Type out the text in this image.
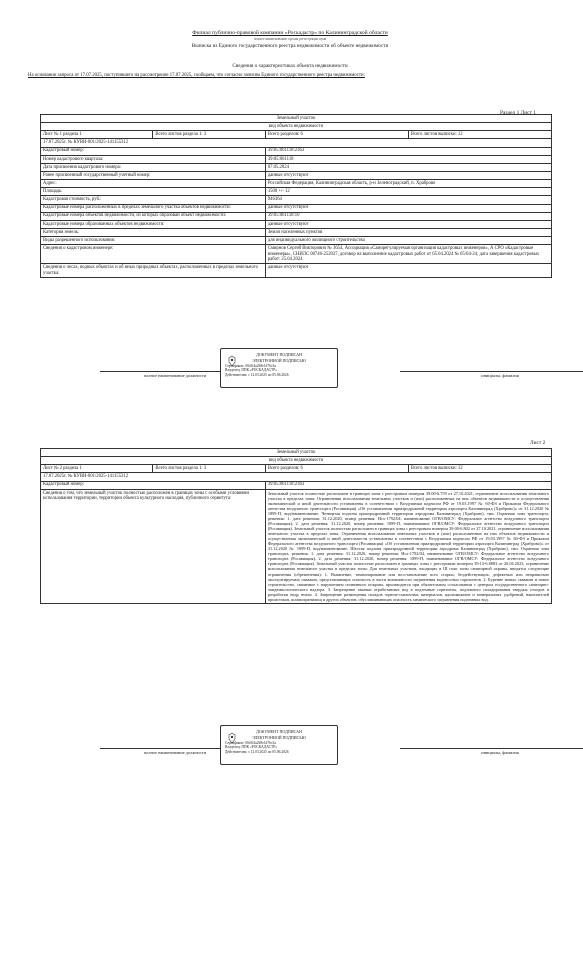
Филиал публично-правовой компании «Роскадастр» по Калининградской области
полное наименование органа регистрации прав
Выписка из Единого государственного реестра недвижимости об объекте недвижимости
Сведения о характеристиках объекта недвижимости
На основании запроса от 17.07.2025, поступившего на рассмотрение 17.07.2025, сообщаем, что согласно записям Единого государственного реестра недвижимости:
Раздел 1 Лист 1
Земельный участок			
вид объекта недвижимости			
Лист № 1 раздела 1	Всего листов раздела 1: 3	Всего разделов: 6	Всего листов выписки: 12
17.07.2025г. № КУВИ-001/2025-141155312			
Кадастровый номер:		39:05:061118:2363	
Номер кадастрового квартала:		39:05:061118	
Дата присвоения кадастрового номера:		07.05.2024	
Ранее присвоенный государственный учетный номер:		данные отсутствуют	
Адрес:		Российская Федерация, Калининградская область, р-н Зеленоградский, п. Храброво	
Площадь:		1500 +/- 12	
Кадастровая стоимость, руб.:		946364	
Кадастровые номера расположенных в пределах земельного участка объектов недвижимости:		данные отсутствуют	
Кадастровые номера объектов недвижимости, из которых образован объект недвижимости:		39:05:061118:10	
Кадастровые номера образованных объектов недвижимости:		данные отсутствуют	
Категория земель:		Земли населенных пунктов	
Виды разрешенного использования:		для индивидуального жилищного строительства	
Сведения о кадастровом инженере:		Смирнов Сергей Викторович № 3654, Ассоциация «Саморегулируемая организация кадастровых инженеров», А СРО «Кадастровые инженеры», СНИЛС 00746-252037, договор на выполнение кадастровых работ от 05.04.2024 № 05/04-24, дата завершения кадастровых работ: 25.04.2024	
Сведения о лесах, водных объектах и об иных природных объектах, расположенных в пределах земельного участка:		данные отсутствуют	
полное наименование должности
ДОКУМЕНТ ПОДПИСАН
ЭЛЕКТРОННОЙ ПОДПИСЬЮ
Сертификат: 00c0f4a2b9e1d76c3a
Владелец: ППК «РОСКАДАСТР»
Действителен: с 12.03.2025 по 05.06.2026	инициалы, фамилия
Лист 2
Земельный участок			
вид объекта недвижимости			
Лист № 2 раздела 1	Всего листов раздела 1: 3	Всего разделов: 6	Всего листов выписки: 12
17.07.2025г. № КУВИ-001/2025-141155312			
Кадастровый номер:		39:05:061118:2363	
Сведения о том, что земельный участок полностью расположен в границах зоны с особыми условиями использования территории, территории объекта культурного наследия, публичного сервитута:		Земельный участок полностью расположен в границах зоны с реестровым номером 39:00-6.759 от 27.10.2021, ограничение использования земельного участка в пределах зоны: Ограничения использования земельных участков и (или) расположенных на них объектов недвижимости и осуществления экономической и иной деятельности установлены в соответствии с Воздушным кодексом РФ от 19.03.1997 № 60-ФЗ и Приказом Федерального агентства воздушного транспорта (Росавиация) «Об установлении приаэродромной территории аэропорта Калининград (Храброво)» от 31.12.2020 № 1899-П, вид/наименование: Четвертая подзона приаэродромной территории аэродрома Калининград (Храброво), тип: Охранная зона транспорта, решения: 1. дата решения: 31.12.2020, номер решения: Исх-1792/04, наименование ОГВ/ОМСУ: Федеральное агентство воздушного транспорта (Росавиация); 2. дата решения: 31.12.2020, номер решения: 1899-П, наименование ОГВ/ОМСУ: Федеральное агентство воздушного транспорта (Росавиация). Земельный участок полностью расположен в границах зоны с реестровым номером 39:00-6.802 от 27.10.2021, ограничение использования земельного участка в пределах зоны: Ограничения использования земельных участков и (или) расположенных на них объектов недвижимости и осуществления экономической и иной деятельности установлены в соответствии с Воздушным кодексом РФ от 19.03.1997 № 60-ФЗ и Приказом Федерального агентства воздушного транспорта (Росавиация) «Об установлении приаэродромной территории аэропорта Калининград (Храброво)» от 31.12.2020 № 1899-П, вид/наименование: Шестая подзона приаэродромной территории аэродрома Калининград (Храброво), тип: Охранная зона транспорта, решения: 1. дата решения: 31.12.2020, номер решения: Исх-1792/04, наименование ОГВ/ОМСУ: Федеральное агентство воздушного транспорта (Росавиация); 2. дата решения: 31.12.2020, номер решения: 1899-П, наименование ОГВ/ОМСУ: Федеральное агентство воздушного транспорта (Росавиация). Земельный участок полностью расположен в границах зоны с реестровым номером 39:15-6.8883 от 26.04.2023, ограничение использования земельного участка в пределах зоны: Для земельных участков, входящих в III пояс зоны санитарной охраны, вводятся следующие ограничения (обременения): 1. Выявление, тампонирование или восстановление всех старых, бездействующих, дефектных или неправильно эксплуатируемых скважин, представляющих опасность в части возможности загрязнения водоносных горизонтов. 2. Бурение новых скважин и новое строительство, связанное с нарушением почвенного покрова, производится при обязательном согласовании с центром государственного санитарно-эпидемиологического надзора. 3. Запрещение закачки отработанных вод в подземные горизонты, подземного складирования твердых отходов и разработки недр земли. 4. Запрещение размещения складов горюче-смазочных материалов, ядохимикатов и минеральных удобрений, накопителей промстоков, шламохранилищ и других объектов, обуславливающих опасность химического загрязнения подземных вод.	
полное наименование должности
ДОКУМЕНТ ПОДПИСАН
ЭЛЕКТРОННОЙ ПОДПИСЬЮ
Сертификат: 00c0f4a2b9e1d76c3a
Владелец: ППК «РОСКАДАСТР»
Действителен: с 12.03.2025 по 05.06.2026	инициалы, фамилия
